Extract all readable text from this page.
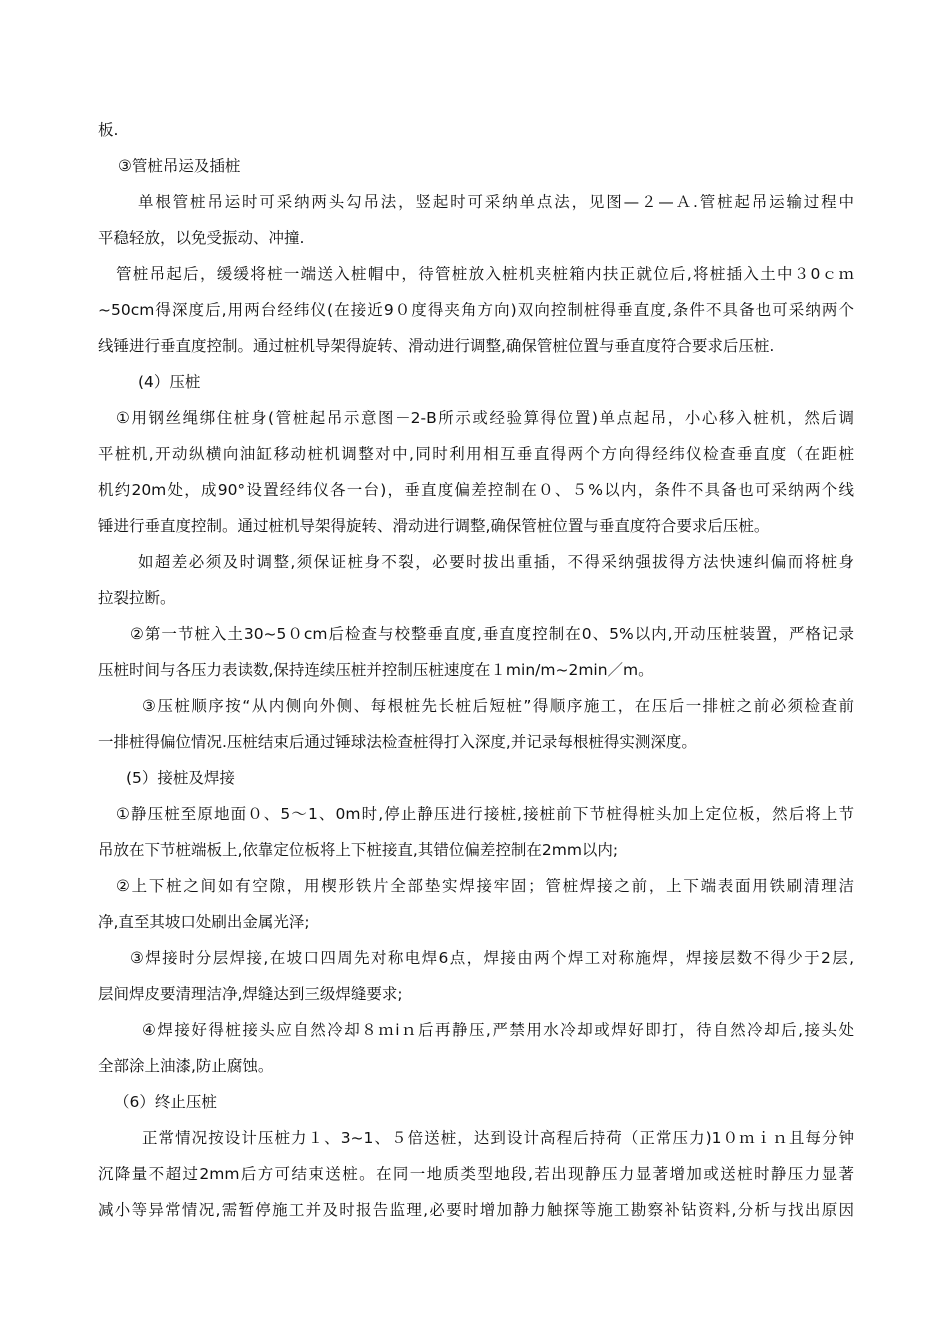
板.
③管桩吊运及插桩
单根管桩吊运时可采纳两头勾吊法，竖起时可采纳单点法，见图—２—Ａ.管桩起吊运输过程中
平稳轻放，以免受振动、冲撞.
管桩吊起后，缓缓将桩一端送入桩帽中，待管桩放入桩机夹桩箱内扶正就位后,将桩插入土中３0ｃｍ
~50cm得深度后,用两台经纬仪(在接近9０度得夹角方向)双向控制桩得垂直度,条件不具备也可采纳两个
线锤进行垂直度控制。通过桩机导架得旋转、滑动进行调整,确保管桩位置与垂直度符合要求后压桩.
(4）压桩
①用钢丝绳绑住桩身(管桩起吊示意图－2-B所示或经验算得位置)单点起吊，小心移入桩机，然后调
平桩机,开动纵横向油缸移动桩机调整对中,同时利用相互垂直得两个方向得经纬仪检查垂直度（在距桩
机约20m处，成90°设置经纬仪各一台)，垂直度偏差控制在０、５%以内，条件不具备也可采纳两个线
锤进行垂直度控制。通过桩机导架得旋转、滑动进行调整,确保管桩位置与垂直度符合要求后压桩。
如超差必须及时调整,须保证桩身不裂，必要时拔出重插，不得采纳强拔得方法快速纠偏而将桩身
拉裂拉断。
②第一节桩入土30~5０cm后检查与校整垂直度,垂直度控制在0、5%以内,开动压桩装置，严格记录
压桩时间与各压力表读数,保持连续压桩并控制压桩速度在１min/m~2min／m。
③压桩顺序按“从内侧向外侧、每根桩先长桩后短桩”得顺序施工，在压后一排桩之前必须检查前
一排桩得偏位情况.压桩结束后通过锤球法检查桩得打入深度,并记录每根桩得实测深度。
(5）接桩及焊接
①静压桩至原地面０、5～1、0m时,停止静压进行接桩,接桩前下节桩得桩头加上定位板，然后将上节
吊放在下节桩端板上,依靠定位板将上下桩接直,其错位偏差控制在2mm以内;
②上下桩之间如有空隙，用楔形铁片全部垫实焊接牢固；管桩焊接之前，上下端表面用铁刷清理洁
净,直至其坡口处刷出金属光泽;
③焊接时分层焊接,在坡口四周先对称电焊6点，焊接由两个焊工对称施焊，焊接层数不得少于2层,
层间焊皮要清理洁净,焊缝达到三级焊缝要求;
④焊接好得桩接头应自然冷却８ｍiｎ后再静压,严禁用水冷却或焊好即打，待自然冷却后,接头处
全部涂上油漆,防止腐蚀。
（6）终止压桩
正常情况按设计压桩力１、3~1、５倍送桩，达到设计高程后持荷（正常压力)1０ｍｉｎ且每分钟
沉降量不超过2mm后方可结束送桩。在同一地质类型地段,若出现静压力显著增加或送桩时静压力显著
减小等异常情况,需暂停施工并及时报告监理,必要时增加静力触探等施工勘察补钻资料,分析与找出原因
